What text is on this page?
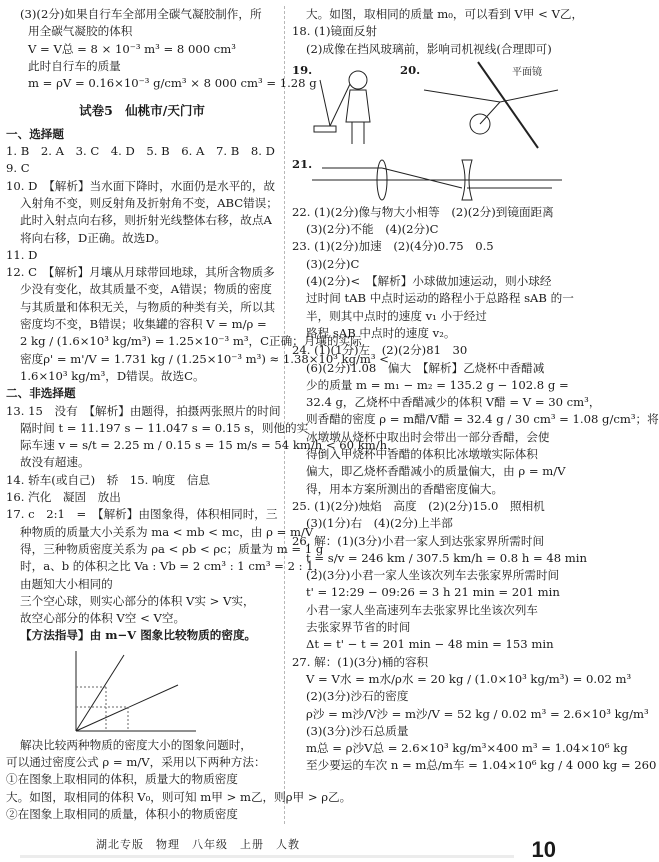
(3)(2分)如果自行车全部用全碳气凝胶制作，所
用全碳气凝胶的体积
V = V总 = 8 × 10⁻³ m³ = 8 000 cm³
此时自行车的质量
m = ρV = 0.16×10⁻³ g/cm³ × 8 000 cm³ = 1.28 g
试卷5　仙桃市/天门市
一、选择题
1. B　2. A　3. C　4. D　5. B　6. A　7. B　8. D
9. C
10. D　【解析】当水面下降时，水面仍是水平的，故
入射角不变，则反射角及折射角不变，ABC错误；
此时入射点向右移，则折射光线整体右移，故点A
将向右移，D正确。故选D。
11. D
12. C　【解析】月壤从月球带回地球，其所含物质多
少没有变化，故其质量不变，A错误；物质的密度
与其质量和体积无关，与物质的种类有关，所以其
密度均不变，B错误；收集罐的容积 V = m/ρ =
2 kg / (1.6×10³ kg/m³) = 1.25×10⁻³ m³，C正确；月壤的实际
密度ρ' = m'/V = 1.731 kg / (1.25×10⁻³ m³) ≈ 1.38×10³ kg/m³ <
1.6×10³ kg/m³，D错误。故选C。
二、非选择题
13. 15　没有　【解析】由题得，拍摄两张照片的时间
隔时间 t = 11.197 s − 11.047 s = 0.15 s，则他的实
际车速 v = s/t = 2.25 m / 0.15 s = 15 m/s = 54 km/h < 60 km/h，
故没有超速。
14. 轿车(或自己)　轿　15. 响度　信息
16. 汽化　凝固　放出
17. c　2:1　=　【解析】由图象得，体积相同时，三
种物质的质量大小关系为 ma < mb < mc，由 ρ = m/V
得，三种物质密度关系为 ρa < ρb < ρc；质量为 m = 1 g
时，a、b 的体积之比 Va : Vb = 2 cm³ : 1 cm³ = 2 : 1，
由题知大小相同的
三个空心球，则实心部分的体积 V实 > V实，
故空心部分的体积 V空 < V空。
【方法指导】由 m−V 图象比较物质的密度。
解决比较两种物质的密度大小的图象问题时，
可以通过密度公式 ρ = m/V，采用以下两种方法：
①在图象上取相同的体积，质量大的物质密度
大。如图，取相同的体积 V₀，则可知 m甲 > m乙，则ρ甲 > ρ乙。
②在图象上取相同的质量，体积小的物质密度
大。如图，取相同的质量 m₀，可以看到 V甲 < V乙，
18. (1)镜面反射
(2)成像在挡风玻璃前，影响司机视线(合理即可)
19.	20.	平面镜
21.
22. (1)(2分)像与物大小相等　(2)(2分)到镜面距离
(3)(2分)不能　(4)(2分)C
23. (1)(2分)加速　(2)(4分)0.75　0.5
(3)(2分)C
(4)(2分)<　【解析】小球做加速运动，则小球经
过时间 tAB 中点时运动的路程小于总路程 sAB 的一
半，则其中点时的速度 v₁ 小于经过
路程 sAB 中点时的速度 v₂。
24. (1)(1分)左　(2)(2分)81　30
(6)(2分)1.08　偏大　【解析】乙烧杯中香醋减
少的质量 m = m₁ − m₂ = 135.2 g − 102.8 g =
32.4 g，乙烧杯中香醋减少的体积 V醋 = V = 30 cm³，
则香醋的密度 ρ = m醋/V醋 = 32.4 g / 30 cm³ = 1.08 g/cm³；将
冰墩墩从烧杯中取出时会带出一部分香醋，会使
得倒入甲烧杯中香醋的体积比冰墩墩实际体积
偏大，即乙烧杯香醋减小的质量偏大，由 ρ = m/V
得，用本方案所测出的香醋密度偏大。
25. (1)(2分)烛焰　高度　(2)(2分)15.0　照相机
(3)(1分)右　(4)(2分)上半部
26. 解：(1)(3分)小君一家人到达张家界所需时间
t = s/v = 246 km / 307.5 km/h = 0.8 h = 48 min
(2)(3分)小君一家人坐该次列车去张家界所需时间
t' = 12:29 − 09:26 = 3 h 21 min = 201 min
小君一家人坐高速列车去张家界比坐该次列车
去张家界节省的时间
Δt = t' − t = 201 min − 48 min = 153 min
27. 解：(1)(3分)桶的容积
V = V水 = m水/ρ水 = 20 kg / (1.0×10³ kg/m³) = 0.02 m³
(2)(3分)沙石的密度
ρ沙 = m沙/V沙 = m沙/V = 52 kg / 0.02 m³ = 2.6×10³ kg/m³
(3)(3分)沙石总质量
m总 = ρ沙V总 = 2.6×10³ kg/m³×400 m³ = 1.04×10⁶ kg
至少要运的车次 n = m总/m车 = 1.04×10⁶ kg / 4 000 kg = 260
湖北专版　物理　八年级　上册　人教	10
